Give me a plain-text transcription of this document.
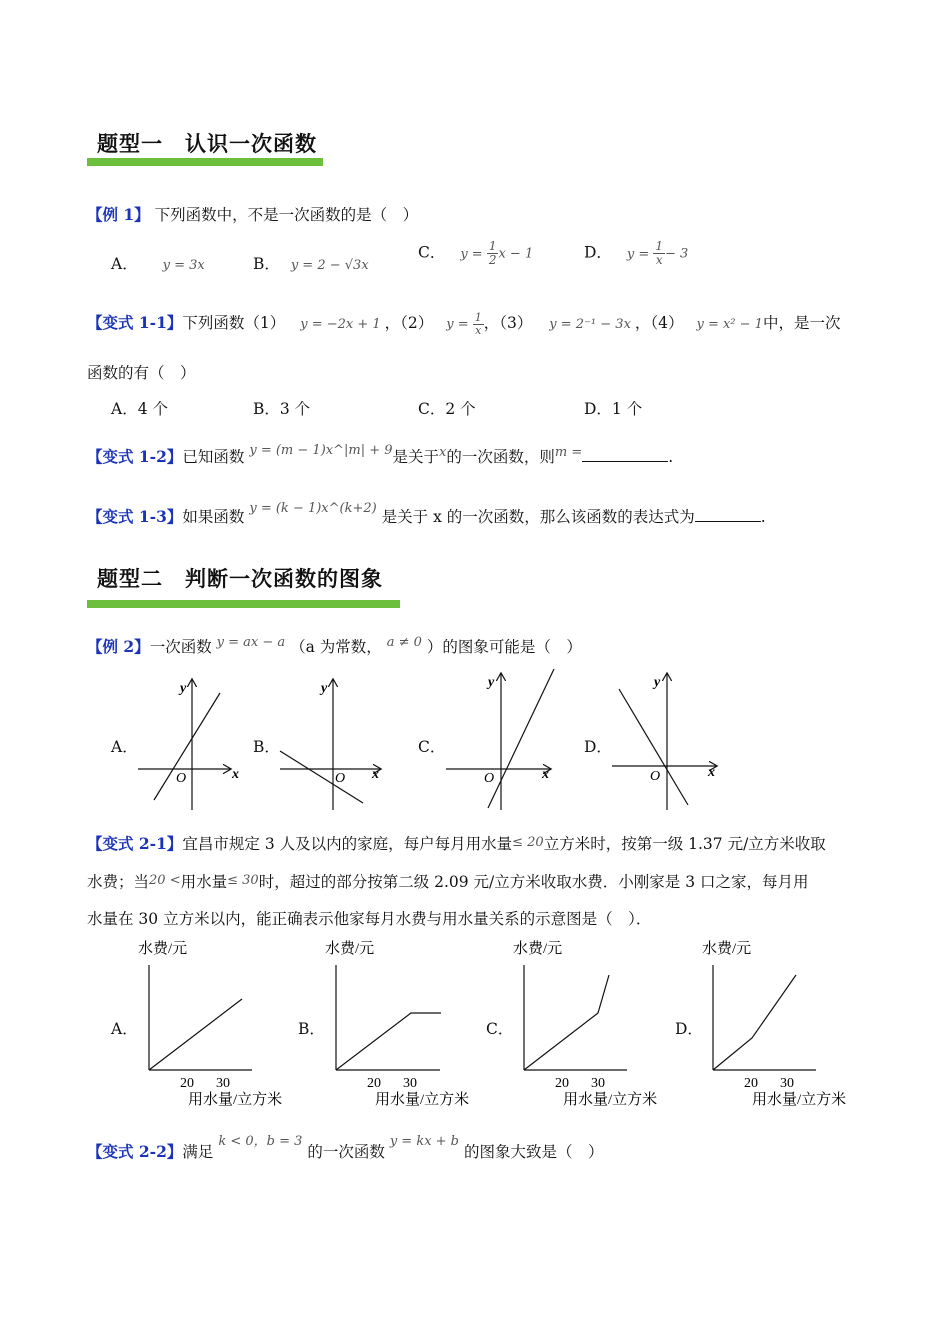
题型一　认识一次函数
【例 1】 下列函数中，不是一次函数的是（　）
A． y = 3x	B． y = 2 − √3x
C． $y = \frac{1}{2}$ x − 1	D． $y = \frac{1}{x} - 3$
【变式 1-1】下列函数（1） y = −2x + 1 ，（2） $y = \frac{1}{x}$ ，（3） y = 2⁻¹ − 3x ，（4） y = x² − 1中，是一次
函数的有（　）
A．4 个	B．3 个	C．2 个	D．1 个
【变式 1-2】已知函数 $^{y = (m - 1)x\^{}|m| + 9}$是关于$^x$的一次函数，则$^{m =}$	.
【变式 1-3】如果函数 $^{y = (k - 1)x\^{}(k+2)}$ 是关于 x 的一次函数，那么该函数的表达式为	.
题型二　判断一次函数的图象
【例 2】一次函数 $^{y = ax - a}$ （a 为常数， $^{a \ne 0}$ ）的图象可能是（　）
A．	B．	C．	D．
y
x
O
y
x
O
y
x
O
y
x
O
水费/元
20 30
用水量/立方米
水费/元
20 30
用水量/立方米
水费/元
20 30
用水量/立方米
水费/元
20 30
用水量/立方米
【变式 2-1】宜昌市规定 3 人及以内的家庭，每户每月用水量≤ 20立方米时，按第一级 1.37 元/立方米收取
水费；当20 <用水量≤ 30时，超过的部分按第二级 2.09 元/立方米收取水费．小刚家是 3 口之家，每月用
水量在 30 立方米以内，能正确表示他家每月水费与用水量关系的示意图是（　）．
A．	B．	C．	D．
【变式 2-2】满足 $^{k < 0,b = 3}$ 的一次函数 $^{y = kx + b}$ 的图象大致是（　）
